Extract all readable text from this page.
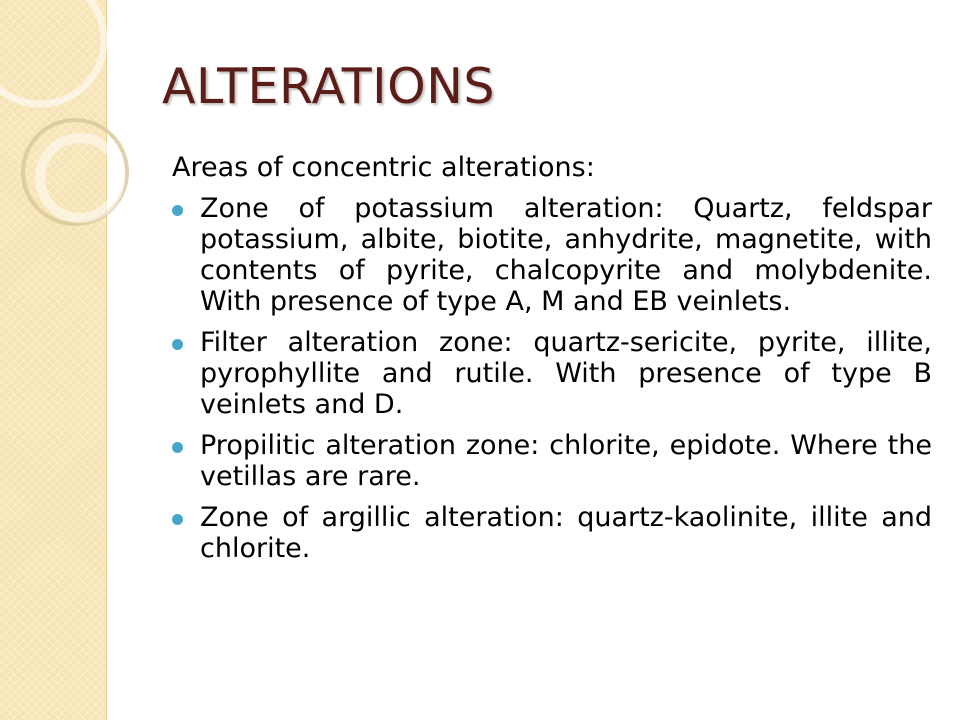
ALTERATIONS

Areas of concentric alterations:

Zone of potassium alteration: Quartz, feldspar potassium, albite, biotite, anhydrite, magnetite, with contents of pyrite, chalcopyrite and molybdenite. With presence of type A, M and EB veinlets.
Filter alteration zone: quartz-sericite, pyrite, illite, pyrophyllite and rutile. With presence of type B veinlets and D.
Propilitic alteration zone: chlorite, epidote. Where the vetillas are rare.
Zone of argillic alteration: quartz-kaolinite, illite and chlorite.
